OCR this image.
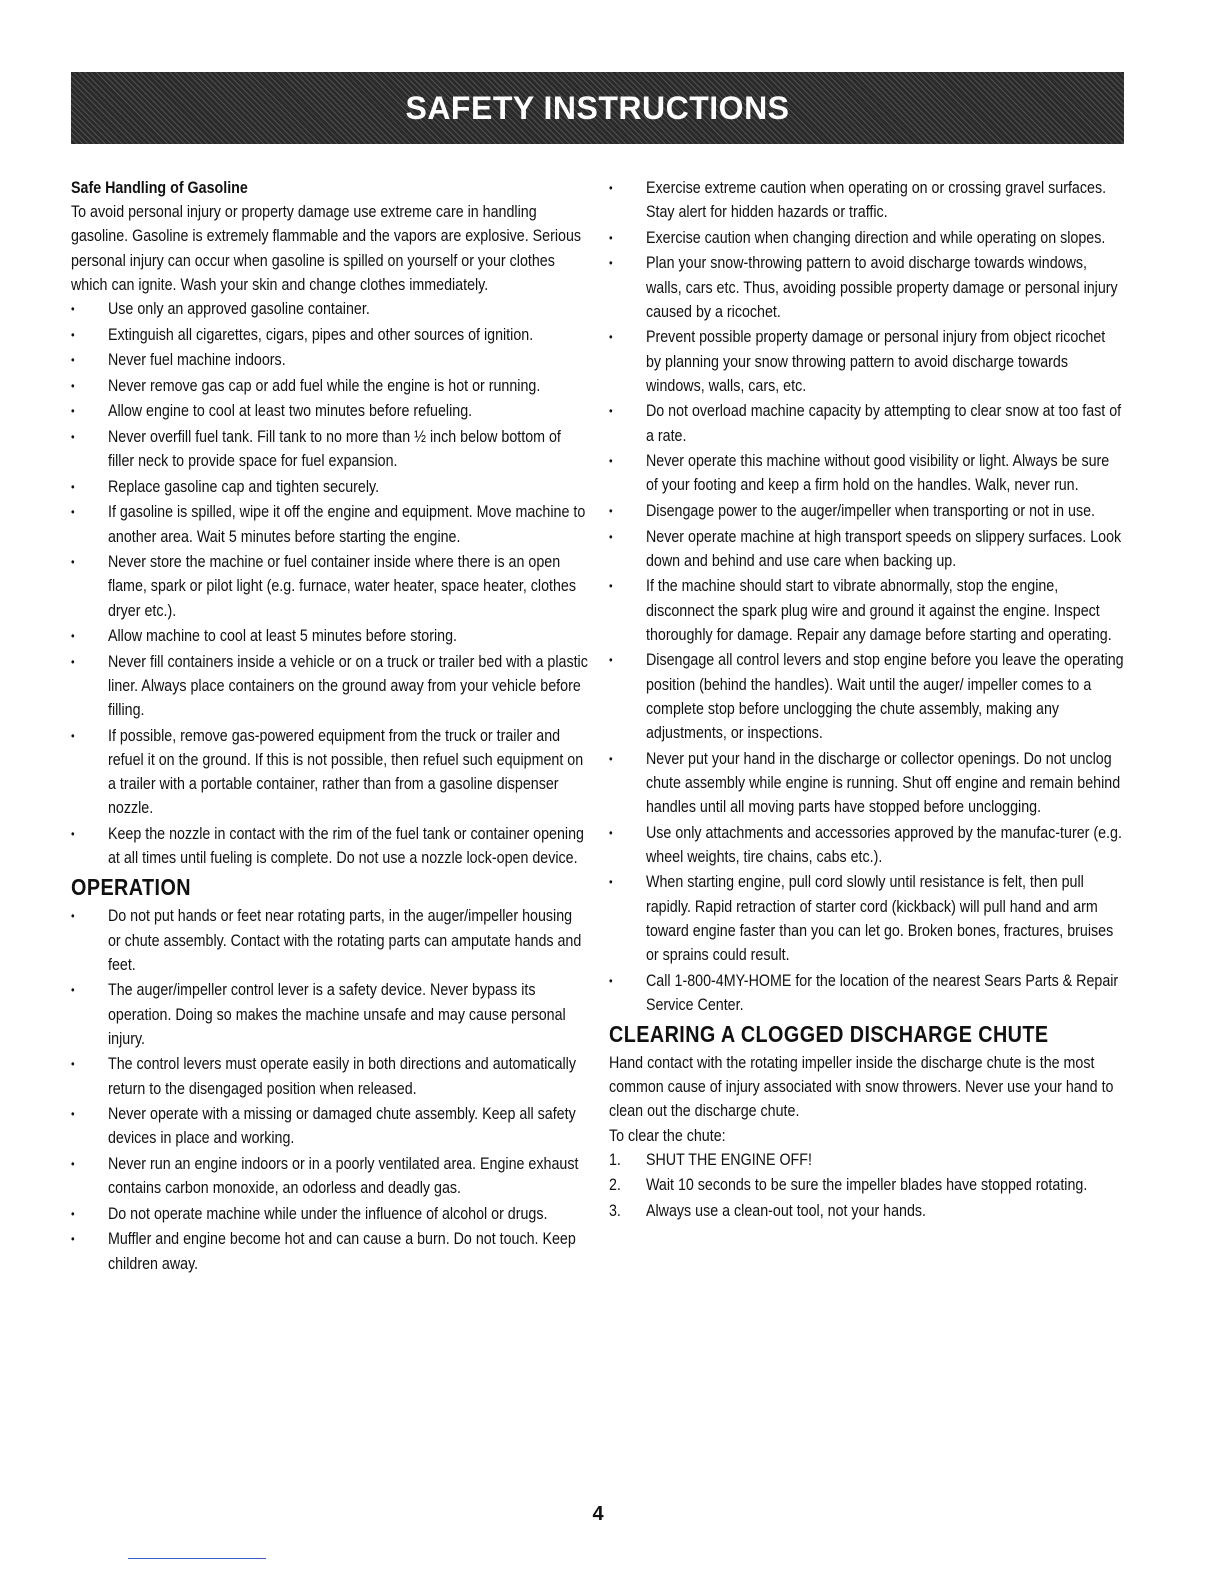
SAFETY INSTRUCTIONS
Safe Handling of Gasoline

To avoid personal injury or property damage use extreme care in handling gasoline. Gasoline is extremely flammable and the vapors are explosive. Serious personal injury can occur when gasoline is spilled on yourself or your clothes which can ignite. Wash your skin and change clothes immediately.

•	Use only an approved gasoline container.
•	Extinguish all cigarettes, cigars, pipes and other sources of ignition.
•	Never fuel machine indoors.
•	Never remove gas cap or add fuel while the engine is hot or running.
•	Allow engine to cool at least two minutes before refueling.
•	Never overfill fuel tank. Fill tank to no more than ½ inch below bottom of filler neck to provide space for fuel expansion.
•	Replace gasoline cap and tighten securely.
•	If gasoline is spilled, wipe it off the engine and equipment. Move machine to another area. Wait 5 minutes before starting the engine.
•	Never store the machine or fuel container inside where there is an open flame, spark or pilot light (e.g. furnace, water heater, space heater, clothes dryer etc.).
•	Allow machine to cool at least 5 minutes before storing.
•	Never fill containers inside a vehicle or on a truck or trailer bed with a plastic liner. Always place containers on the ground away from your vehicle before filling.
•	If possible, remove gas-powered equipment from the truck or trailer and refuel it on the ground. If this is not possible, then refuel such equipment on a trailer with a portable container, rather than from a gasoline dispenser nozzle.
•	Keep the nozzle in contact with the rim of the fuel tank or container opening at all times until fueling is complete. Do not use a nozzle lock-open device.
OPERATION
•	Do not put hands or feet near rotating parts, in the auger/impeller housing or chute assembly. Contact with the rotating parts can amputate hands and feet.
•	The auger/impeller control lever is a safety device. Never bypass its operation. Doing so makes the machine unsafe and may cause personal injury.
•	The control levers must operate easily in both directions and automatically return to the disengaged position when released.
•	Never operate with a missing or damaged chute assembly. Keep all safety devices in place and working.
•	Never run an engine indoors or in a poorly ventilated area. Engine exhaust contains carbon monoxide, an odorless and deadly gas.
•	Do not operate machine while under the influence of alcohol or drugs.
•	Muffler and engine become hot and can cause a burn. Do not touch. Keep children away.
•	Exercise extreme caution when operating on or crossing gravel surfaces. Stay alert for hidden hazards or traffic.
•	Exercise caution when changing direction and while operating on slopes.
•	Plan your snow-throwing pattern to avoid discharge towards windows, walls, cars etc. Thus, avoiding possible property damage or personal injury caused by a ricochet.
•	Prevent possible property damage or personal injury from object ricochet by planning your snow throwing pattern to avoid discharge towards windows, walls, cars, etc.
•	Do not overload machine capacity by attempting to clear snow at too fast of a rate.
•	Never operate this machine without good visibility or light. Always be sure of your footing and keep a firm hold on the handles. Walk, never run.
•	Disengage power to the auger/impeller when transporting or not in use.
•	Never operate machine at high transport speeds on slippery surfaces. Look down and behind and use care when backing up.
•	If the machine should start to vibrate abnormally, stop the engine, disconnect the spark plug wire and ground it against the engine. Inspect thoroughly for damage. Repair any damage before starting and operating.
•	Disengage all control levers and stop engine before you leave the operating position (behind the handles). Wait until the auger/ impeller comes to a complete stop before unclogging the chute assembly, making any adjustments, or inspections.
•	Never put your hand in the discharge or collector openings. Do not unclog chute assembly while engine is running. Shut off engine and remain behind handles until all moving parts have stopped before unclogging.
•	Use only attachments and accessories approved by the manufac-turer (e.g. wheel weights, tire chains, cabs etc.).
•	When starting engine, pull cord slowly until resistance is felt, then pull rapidly. Rapid retraction of starter cord (kickback) will pull hand and arm toward engine faster than you can let go. Broken bones, fractures, bruises or sprains could result.
•	Call 1-800-4MY-HOME for the location of the nearest Sears Parts & Repair Service Center.
CLEARING A CLOGGED DISCHARGE CHUTE

Hand contact with the rotating impeller inside the discharge chute is the most common cause of injury associated with snow throwers. Never use your hand to clean out the discharge chute.

To clear the chute:

1. SHUT THE ENGINE OFF!
2. Wait 10 seconds to be sure the impeller blades have stopped rotating.
3. Always use a clean-out tool, not your hands.
4
